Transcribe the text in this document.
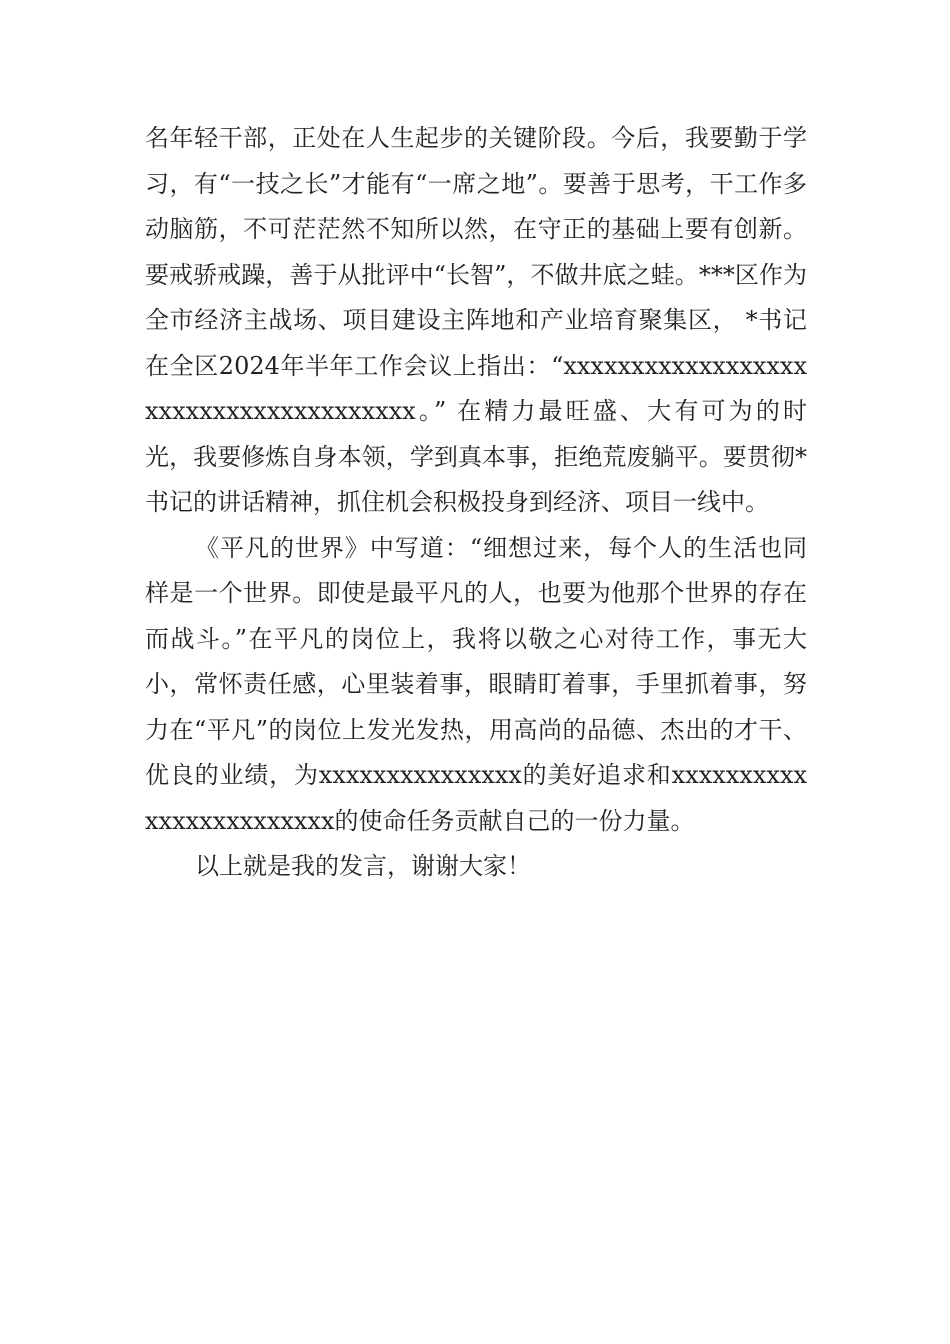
名年轻干部，正处在人生起步的关键阶段。今后，我要勤于学习，有“一技之长”才能有“一席之地”。要善于思考，干工作多动脑筋，不可茫茫然不知所以然，在守正的基础上要有创新。要戒骄戒躁，善于从批评中“长智”，不做井底之蛙。***区作为全市经济主战场、项目建设主阵地和产业培育聚集区， *书记在全区2024年半年工作会议上指出：“xxxxxxxxxxxxxxxxxxxxxxxxxxxxxxxxxxxxxx。” 在精力最旺盛、大有可为的时光，我要修炼自身本领，学到真本事，拒绝荒废躺平。要贯彻*书记的讲话精神，抓住机会积极投身到经济、项目一线中。

《平凡的世界》中写道：“细想过来，每个人的生活也同样是一个世界。即使是最平凡的人，也要为他那个世界的存在而战斗。”在平凡的岗位上，我将以敬之心对待工作，事无大小，常怀责任感，心里装着事，眼睛盯着事，手里抓着事，努力在“平凡”的岗位上发光发热，用高尚的品德、杰出的才干、优良的业绩，为xxxxxxxxxxxxxxx的美好追求和xxxxxxxxxxxxxxxxxxxxxxxx的使命任务贡献自己的一份力量。

以上就是我的发言，谢谢大家！
